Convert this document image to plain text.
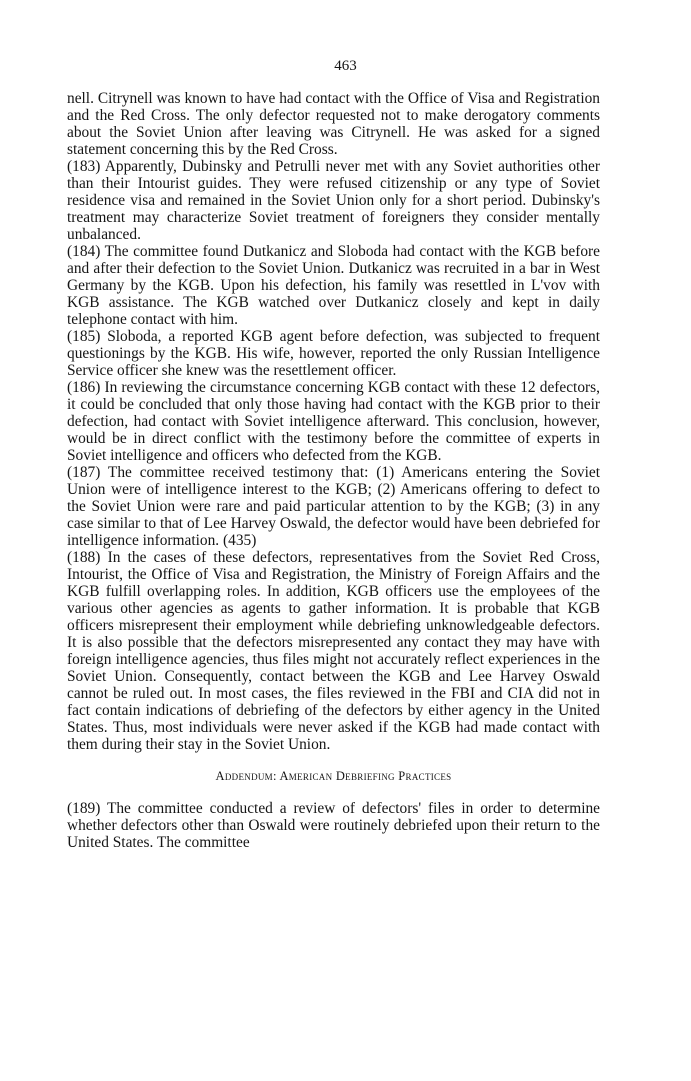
463

nell. Citrynell was known to have had contact with the Office of Visa and Registration and the Red Cross. The only defector requested not to make derogatory comments about the Soviet Union after leaving was Citrynell. He was asked for a signed statement concerning this by the Red Cross.

(183) Apparently, Dubinsky and Petrulli never met with any Soviet authorities other than their Intourist guides. They were refused citizenship or any type of Soviet residence visa and remained in the Soviet Union only for a short period. Dubinsky's treatment may characterize Soviet treatment of foreigners they consider mentally unbalanced.

(184) The committee found Dutkanicz and Sloboda had contact with the KGB before and after their defection to the Soviet Union. Dutkanicz was recruited in a bar in West Germany by the KGB. Upon his defection, his family was resettled in L'vov with KGB assistance. The KGB watched over Dutkanicz closely and kept in daily telephone contact with him.

(185) Sloboda, a reported KGB agent before defection, was subjected to frequent questionings by the KGB. His wife, however, reported the only Russian Intelligence Service officer she knew was the resettlement officer.

(186) In reviewing the circumstance concerning KGB contact with these 12 defectors, it could be concluded that only those having had contact with the KGB prior to their defection, had contact with Soviet intelligence afterward. This conclusion, however, would be in direct conflict with the testimony before the committee of experts in Soviet intelligence and officers who defected from the KGB.

(187) The committee received testimony that: (1) Americans entering the Soviet Union were of intelligence interest to the KGB; (2) Americans offering to defect to the Soviet Union were rare and paid particular attention to by the KGB; (3) in any case similar to that of Lee Harvey Oswald, the defector would have been debriefed for intelligence information. (435)

(188) In the cases of these defectors, representatives from the Soviet Red Cross, Intourist, the Office of Visa and Registration, the Ministry of Foreign Affairs and the KGB fulfill overlapping roles. In addition, KGB officers use the employees of the various other agencies as agents to gather information. It is probable that KGB officers misrepresent their employment while debriefing unknowledgeable defectors. It is also possible that the defectors misrepresented any contact they may have with foreign intelligence agencies, thus files might not accurately reflect experiences in the Soviet Union. Consequently, contact between the KGB and Lee Harvey Oswald cannot be ruled out. In most cases, the files reviewed in the FBI and CIA did not in fact contain indications of debriefing of the defectors by either agency in the United States. Thus, most individuals were never asked if the KGB had made contact with them during their stay in the Soviet Union.

Addendum: American Debriefing Practices

(189) The committee conducted a review of defectors' files in order to determine whether defectors other than Oswald were routinely debriefed upon their return to the United States. The committee
